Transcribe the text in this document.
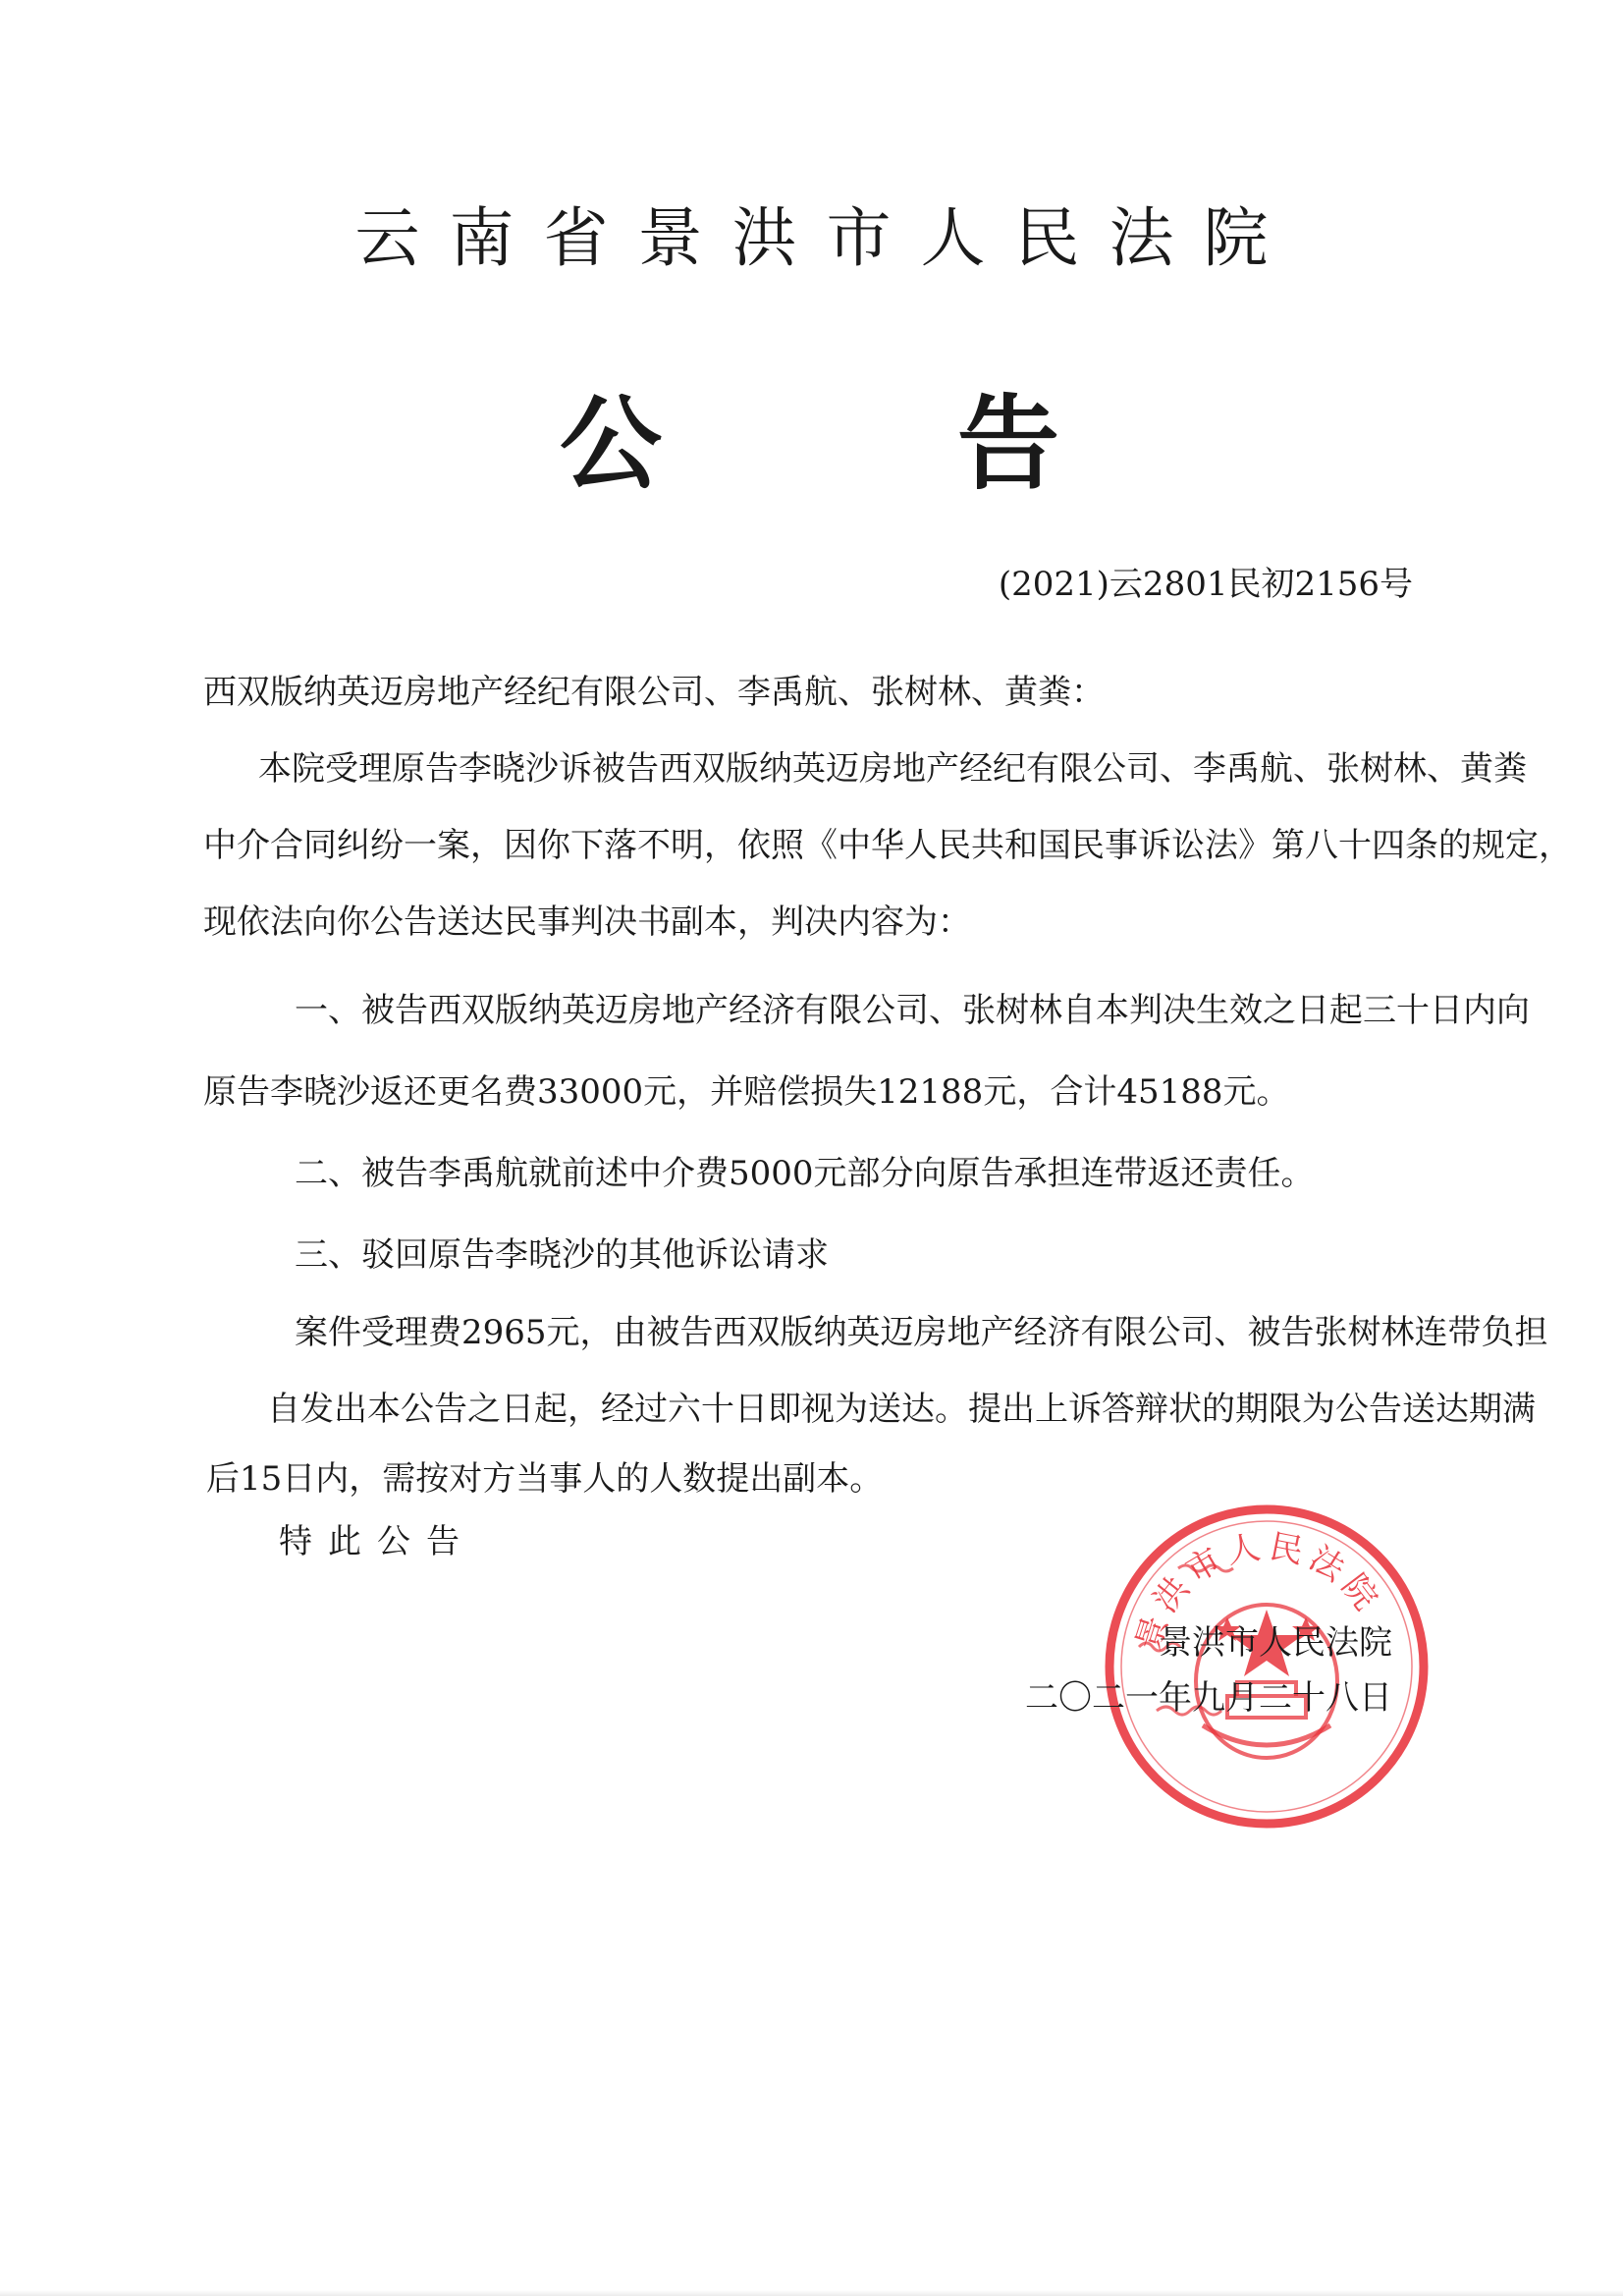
云南省景洪市人民法院
公	告
(2021)云2801民初2156号
西双版纳英迈房地产经纪有限公司、李禹航、张树林、黄粪：
本院受理原告李晓沙诉被告西双版纳英迈房地产经纪有限公司、李禹航、张树林、黄粪
中介合同纠纷一案，因你下落不明，依照《中华人民共和国民事诉讼法》第八十四条的规定，
现依法向你公告送达民事判决书副本，判决内容为：
一、被告西双版纳英迈房地产经济有限公司、张树林自本判决生效之日起三十日内向
原告李晓沙返还更名费33000元，并赔偿损失12188元，合计45188元。
二、被告李禹航就前述中介费5000元部分向原告承担连带返还责任。
三、驳回原告李晓沙的其他诉讼请求
案件受理费2965元，由被告西双版纳英迈房地产经济有限公司、被告张树林连带负担
自发出本公告之日起，经过六十日即视为送达。提出上诉答辩状的期限为公告送达期满
后15日内，需按对方当事人的人数提出副本。
特此公告
景洪市人民法院
景洪市人民法院
二〇二一年九月二十八日
